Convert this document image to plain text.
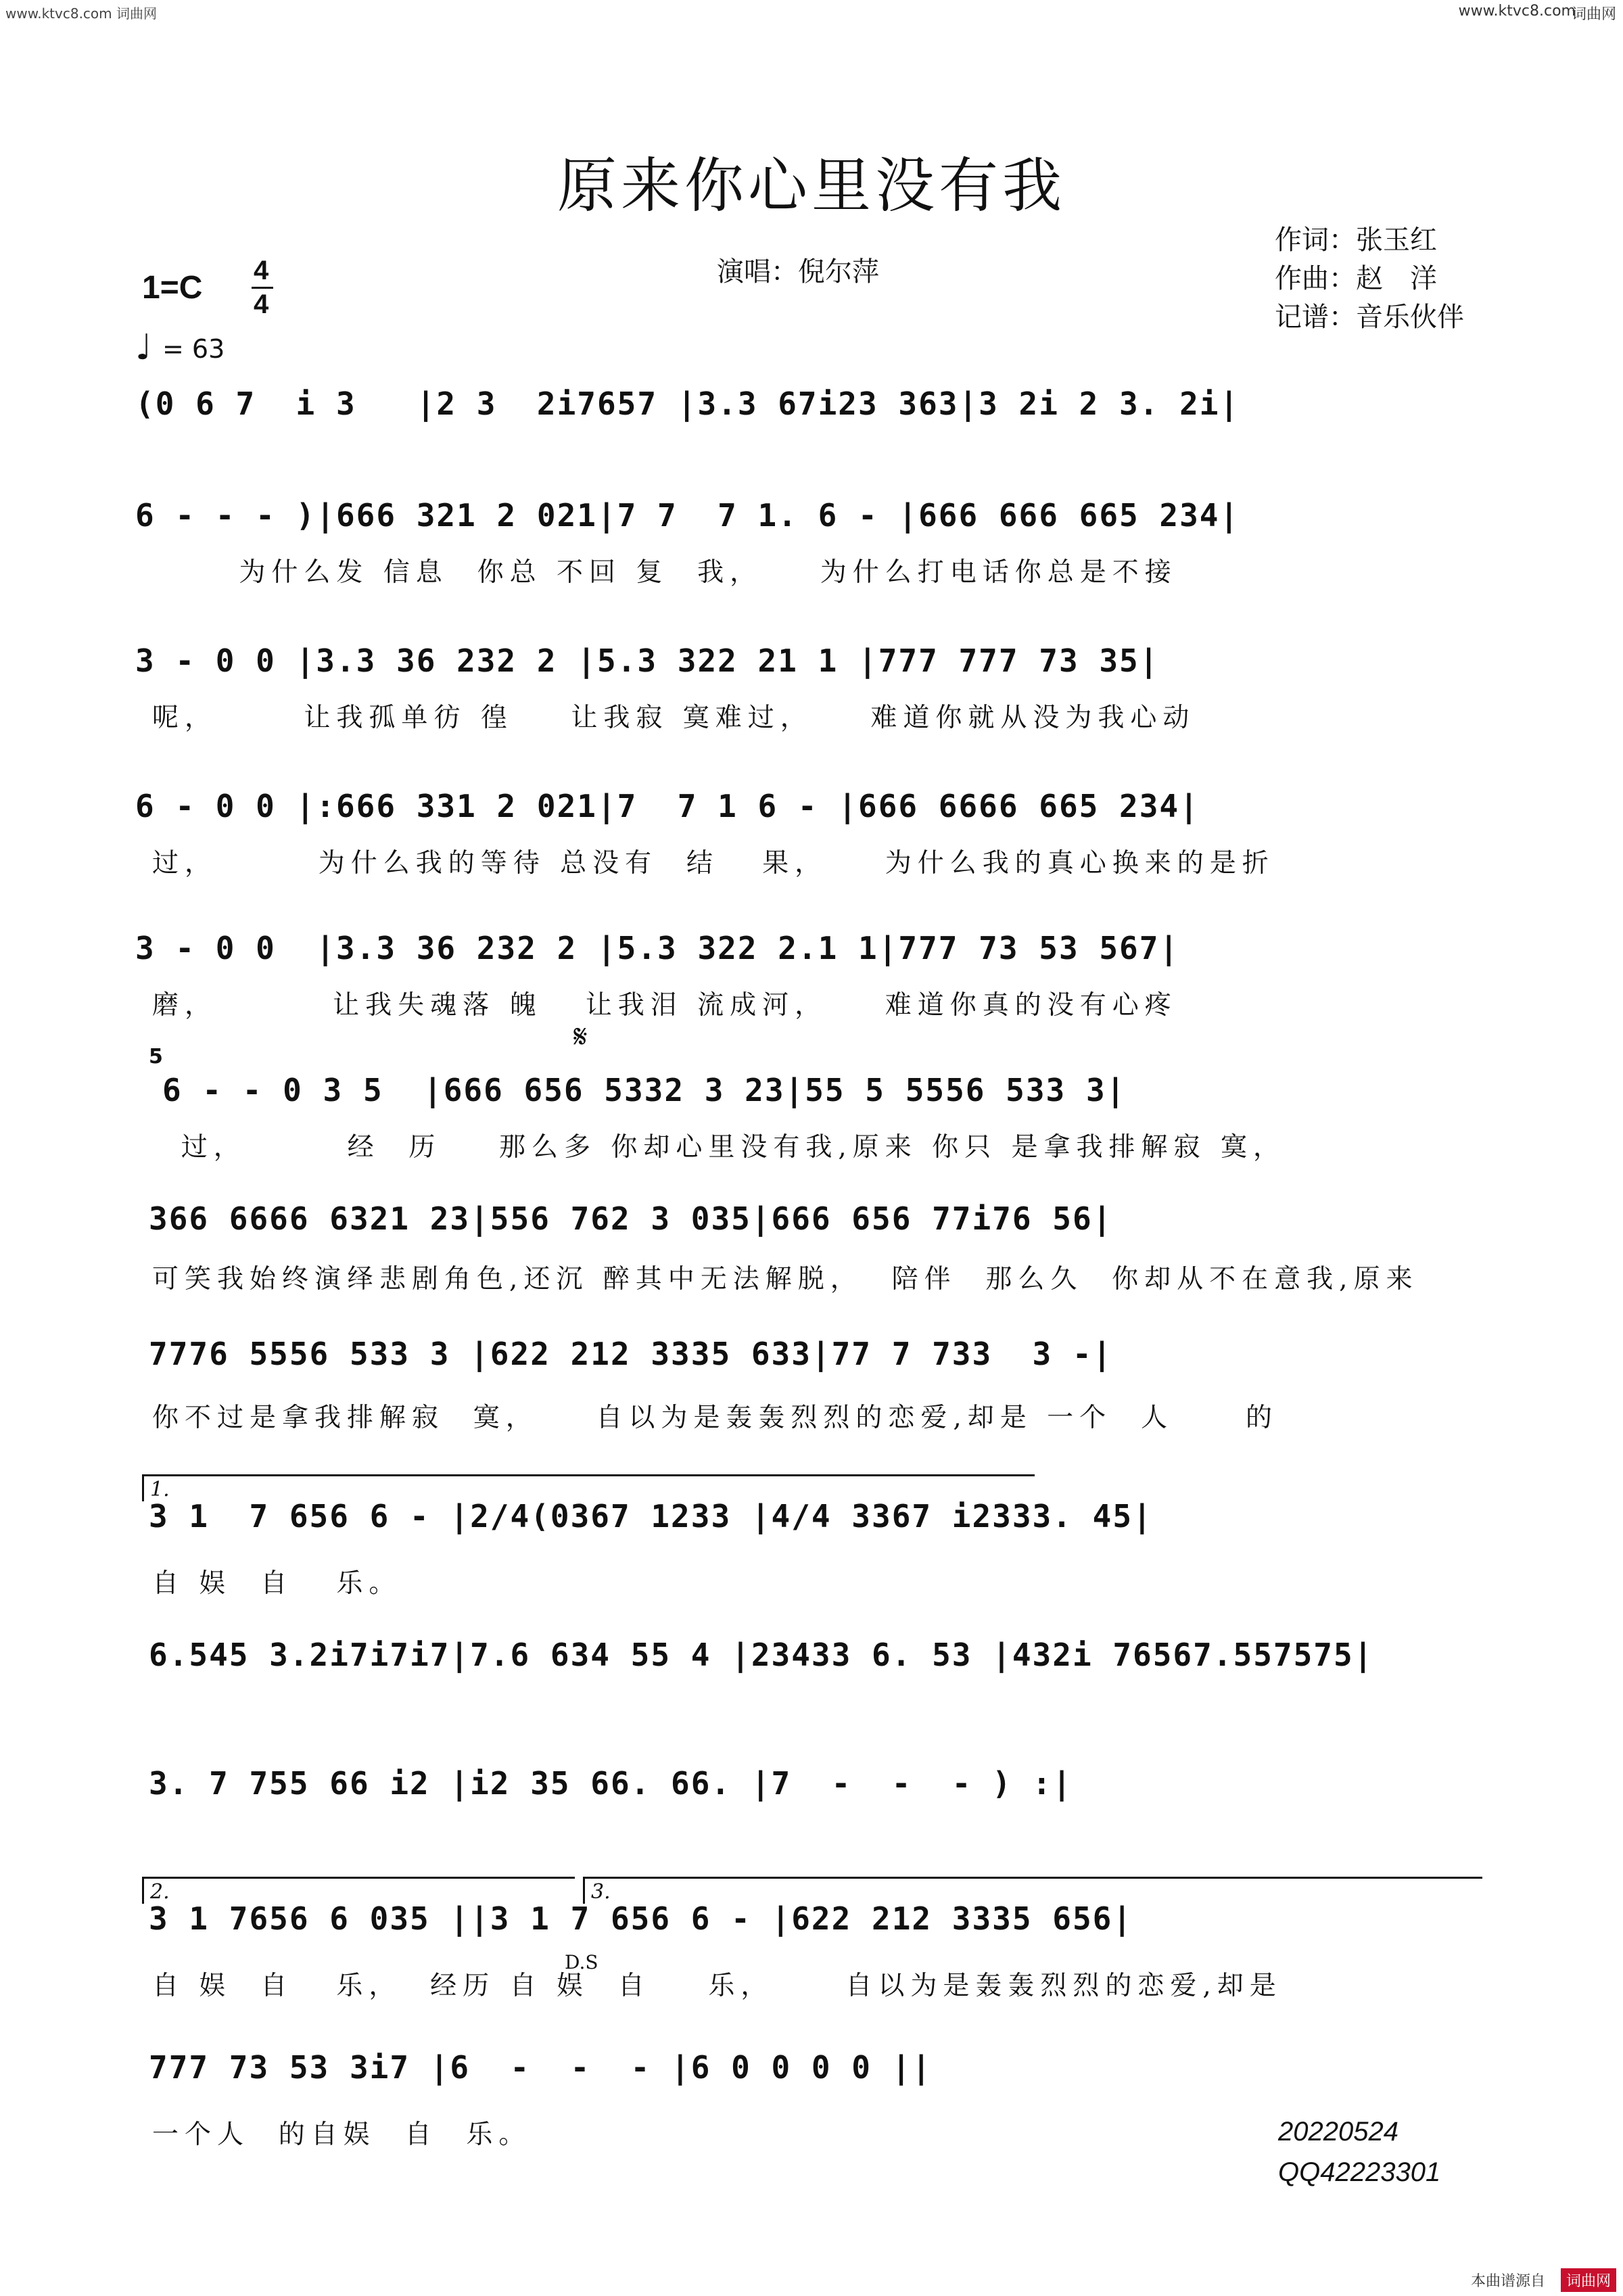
www.ktvc8.com 词曲网	www.ktvc8.com
词曲网
原来你心里没有我
演唱：倪尔萍
作词：张玉红
作曲：赵　洋
记谱：音乐伙伴
1=C 4
4
♩ = 63
(0 6 7  i 3   |2 3  2i7657 |3.3 67i23 363|3 2i 2 3. 2i|
6 - - - )|666 321 2 021|7 7  7 1. 6 - |666 666 665 234|
为什么发 信息  你总 不回 复  我，    为什么打电话你总是不接
3 - 0 0 |3.3 36 232 2 |5.3 322 21 1 |777 777 73 35|
呢，      让我孤单彷 徨    让我寂 寞难过，    难道你就从没为我心动
6 - 0 0 |:666 331 2 021|7  7 1 6 - |666 6666 665 234|
过，       为什么我的等待 总没有  结   果，    为什么我的真心换来的是折
3 - 0 0  |3.3 36 232 2 |5.3 322 2.1 1|777 73 53 567|
磨，        让我失魂落 魄   让我泪 流成河，    难道你真的没有心疼
5
𝄋
6 - - 0 3 5  |666 656 5332 3 23|55 5 5556 533 3|
过，       经  历    那么多 你却心里没有我,原来 你只 是拿我排解寂 寞，
366 6666 6321 23|556 762 3 035|666 656 77i76 56|
可笑我始终演绎悲剧角色,还沉 醉其中无法解脱，  陪伴  那么久  你却从不在意我,原来
7776 5556 533 3 |622 212 3335 633|77 7 733  3 -|
你不过是拿我排解寂  寞，    自以为是轰轰烈烈的恋爱,却是 一个  人     的
1.
3 1  7 656 6 - |2/4(0367 1233 |4/4 3367 i2333. 45|
自 娱  自   乐。
6.545 3.2i7i7i7|7.6 634 55 4 |23433 6. 53 |432i 76567.557575|
3. 7 755 66 i2 |i2 35 66. 66. |7  -  -  - ) :|
2.	3.
D.S
3 1 7656 6 035 ||3 1 7 656 6 - |622 212 3335 656|
自 娱  自   乐，  经历 自 娱  自    乐，     自以为是轰轰烈烈的恋爱,却是
777 73 53 3i7 |6  -  -  - |6 0 0 0 0 ||
一个人  的自娱  自  乐。	20220524
QQ42223301
本曲谱源自	词曲网
